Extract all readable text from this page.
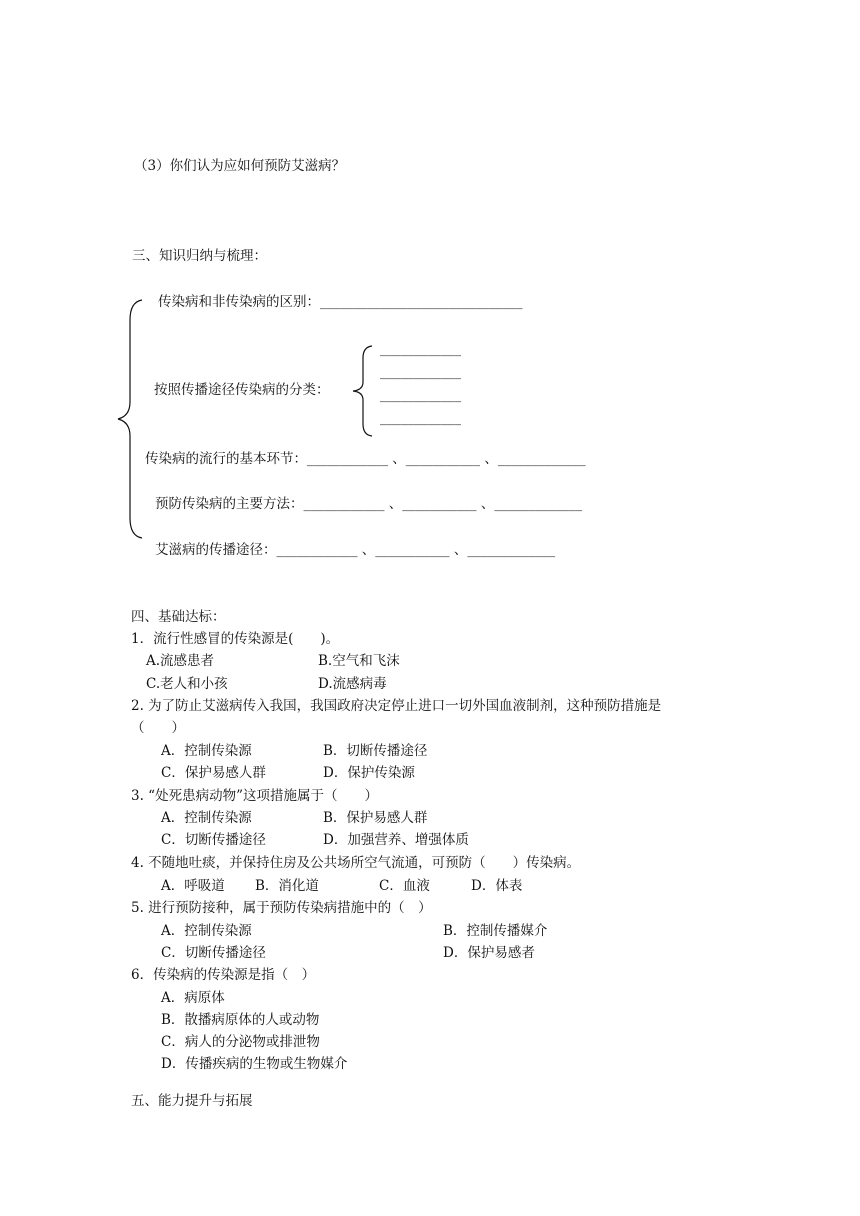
（3）你们认为应如何预防艾滋病？
三、知识归纳与梳理：
传染病和非传染病的区别：______________________________
按照传播途径传染病的分类：
____________
____________
____________
____________
传染病的流行的基本环节：____________ 、___________ 、_____________
预防传染病的主要方法：____________ 、___________ 、_____________
艾滋病的传播途径：____________ 、___________ 、_____________
四、基础达标：
1．流行性感冒的传染源是(　　)。
A.流感患者	B.空气和飞沫
C.老人和小孩	D.流感病毒
2. 为了防止艾滋病传入我国，我国政府决定停止进口一切外国血液制剂，这种预防措施是
（　　）
A．控制传染源	B．切断传播途径
C．保护易感人群	D．保护传染源
3. “处死患病动物”这项措施属于（　　）
A．控制传染源	B．保护易感人群
C．切断传播途径	D．加强营养、增强体质
4. 不随地吐痰，并保持住房及公共场所空气流通，可预防（　　）传染病。
A．呼吸道 B．消化道	C．血液	D．体表
5. 进行预防接种，属于预防传染病措施中的（　）
A．控制传染源	B．控制传播媒介
C．切断传播途径	D．保护易感者
6．传染病的传染源是指（　）
A．病原体
B．散播病原体的人或动物
C．病人的分泌物或排泄物
D．传播疾病的生物或生物媒介
五、能力提升与拓展
